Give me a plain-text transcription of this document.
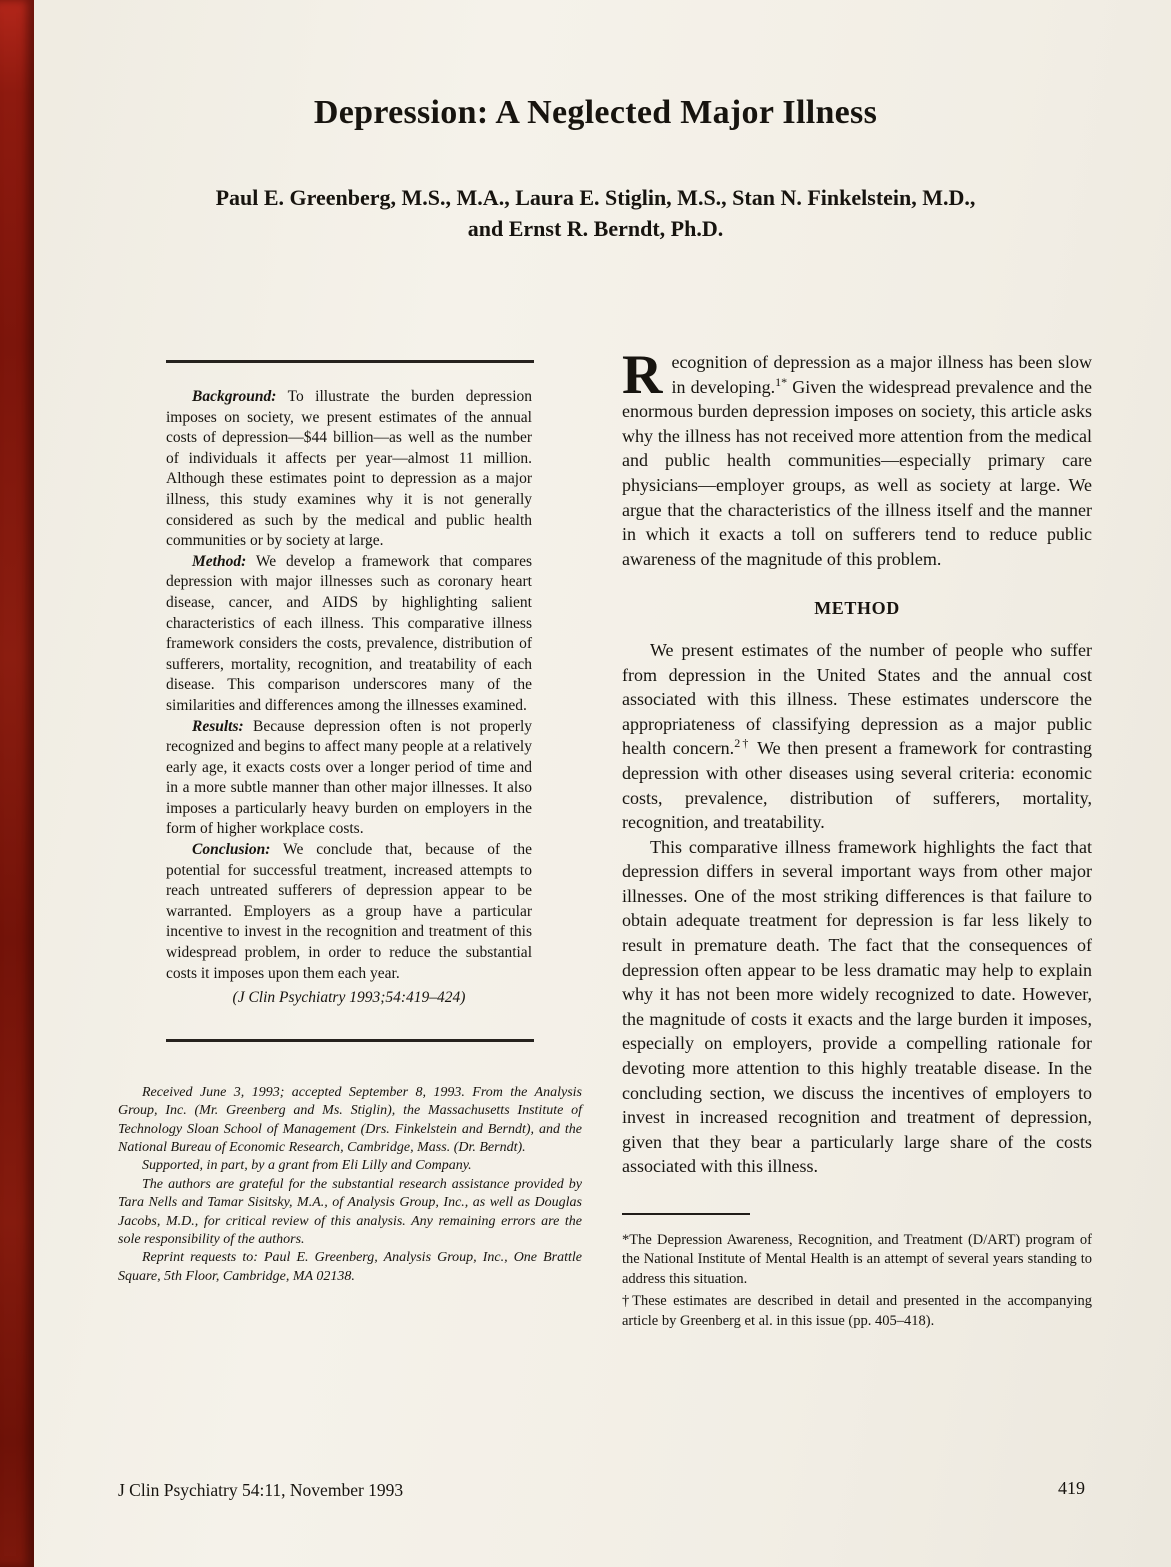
Depression: A Neglected Major Illness
Paul E. Greenberg, M.S., M.A., Laura E. Stiglin, M.S., Stan N. Finkelstein, M.D.,
and Ernst R. Berndt, Ph.D.

Background: To illustrate the burden depression imposes on society, we present estimates of the annual costs of depression—$44 billion—as well as the number of individuals it affects per year—almost 11 million. Although these estimates point to depression as a major illness, this study examines why it is not generally considered as such by the medical and public health communities or by society at large.

Method: We develop a framework that compares depression with major illnesses such as coronary heart disease, cancer, and AIDS by highlighting salient characteristics of each illness. This comparative illness framework considers the costs, prevalence, distribution of sufferers, mortality, recognition, and treatability of each disease. This comparison underscores many of the similarities and differences among the illnesses examined.

Results: Because depression often is not properly recognized and begins to affect many people at a relatively early age, it exacts costs over a longer period of time and in a more subtle manner than other major illnesses. It also imposes a particularly heavy burden on employers in the form of higher workplace costs.

Conclusion: We conclude that, because of the potential for successful treatment, increased attempts to reach untreated sufferers of depression appear to be warranted. Employers as a group have a particular incentive to invest in the recognition and treatment of this widespread problem, in order to reduce the substantial costs it imposes upon them each year.

(J Clin Psychiatry 1993;54:419–424)

Received June 3, 1993; accepted September 8, 1993. From the Analysis Group, Inc. (Mr. Greenberg and Ms. Stiglin), the Massachusetts Institute of Technology Sloan School of Management (Drs. Finkelstein and Berndt), and the National Bureau of Economic Research, Cambridge, Mass. (Dr. Berndt).

Supported, in part, by a grant from Eli Lilly and Company.

The authors are grateful for the substantial research assistance provided by Tara Nells and Tamar Sisitsky, M.A., of Analysis Group, Inc., as well as Douglas Jacobs, M.D., for critical review of this analysis. Any remaining errors are the sole responsibility of the authors.

Reprint requests to: Paul E. Greenberg, Analysis Group, Inc., One Brattle Square, 5th Floor, Cambridge, MA 02138.

Recognition of depression as a major illness has been slow in developing.$^{1*}$ Given the widespread prevalence and the enormous burden depression imposes on society, this article asks why the illness has not received more attention from the medical and public health communities—especially primary care physicians—employer groups, as well as society at large. We argue that the characteristics of the illness itself and the manner in which it exacts a toll on sufferers tend to reduce public awareness of the magnitude of this problem.

METHOD

We present estimates of the number of people who suffer from depression in the United States and the annual cost associated with this illness. These estimates underscore the appropriateness of classifying depression as a major public health concern.$^{2\dagger}$ We then present a framework for contrasting depression with other diseases using several criteria: economic costs, prevalence, distribution of sufferers, mortality, recognition, and treatability.

This comparative illness framework highlights the fact that depression differs in several important ways from other major illnesses. One of the most striking differences is that failure to obtain adequate treatment for depression is far less likely to result in premature death. The fact that the consequences of depression often appear to be less dramatic may help to explain why it has not been more widely recognized to date. However, the magnitude of costs it exacts and the large burden it imposes, especially on employers, provide a compelling rationale for devoting more attention to this highly treatable disease. In the concluding section, we discuss the incentives of employers to invest in increased recognition and treatment of depression, given that they bear a particularly large share of the costs associated with this illness.

*The Depression Awareness, Recognition, and Treatment (D/ART) program of the National Institute of Mental Health is an attempt of several years standing to address this situation.

†These estimates are described in detail and presented in the accompanying article by Greenberg et al. in this issue (pp. 405–418).

J Clin Psychiatry 54:11, November 1993	419
